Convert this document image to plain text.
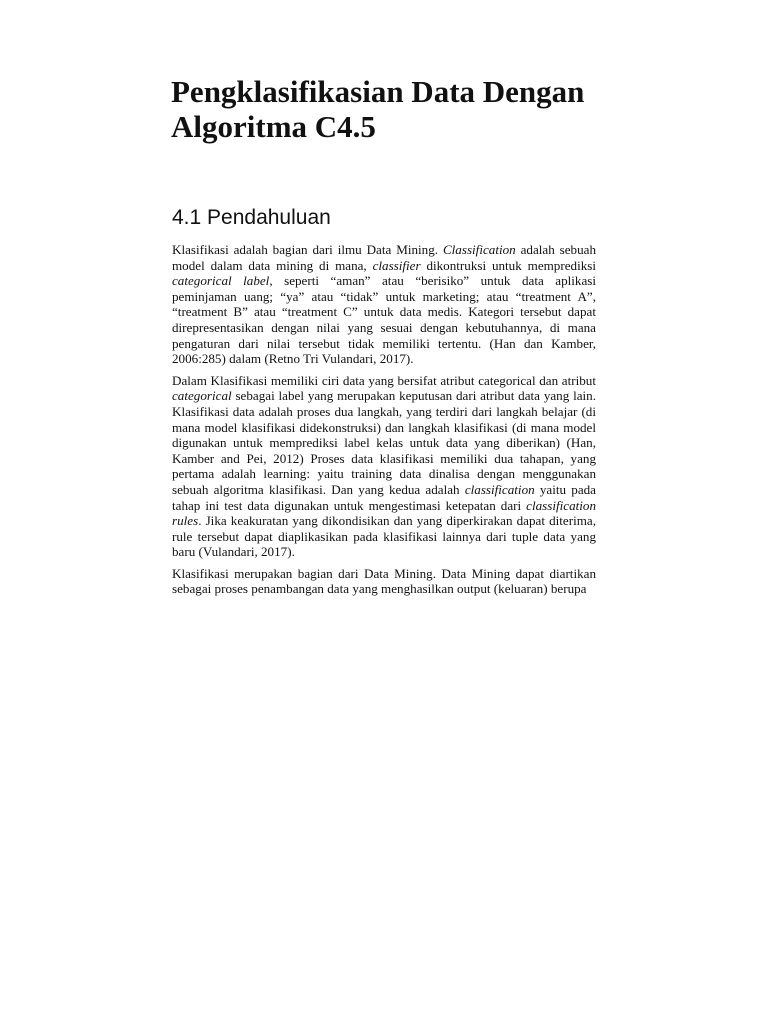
Pengklasifikasian Data Dengan
Algoritma C4.5
4.1 Pendahuluan

Klasifikasi adalah bagian dari ilmu Data Mining. Classification adalah sebuah model dalam data mining di mana, classifier dikontruksi untuk memprediksi categorical label, seperti “aman” atau “berisiko” untuk data aplikasi peminjaman uang; “ya” atau “tidak” untuk marketing; atau “treatment A”, “treatment B” atau “treatment C” untuk data medis. Kategori tersebut dapat direpresentasikan dengan nilai yang sesuai dengan kebutuhannya, di mana pengaturan dari nilai tersebut tidak memiliki tertentu. (Han dan Kamber, 2006:285) dalam (Retno Tri Vulandari, 2017).

Dalam Klasifikasi memiliki ciri data yang bersifat atribut categorical dan atribut categorical sebagai label yang merupakan keputusan dari atribut data yang lain. Klasifikasi data adalah proses dua langkah, yang terdiri dari langkah belajar (di mana model klasifikasi didekonstruksi) dan langkah klasifikasi (di mana model digunakan untuk memprediksi label kelas untuk data yang diberikan) (Han, Kamber and Pei, 2012) Proses data klasifikasi memiliki dua tahapan, yang pertama adalah learning: yaitu training data dinalisa dengan menggunakan sebuah algoritma klasifikasi. Dan yang kedua adalah classification yaitu pada tahap ini test data digunakan untuk mengestimasi ketepatan dari classification rules. Jika keakuratan yang dikondisikan dan yang diperkirakan dapat diterima, rule tersebut dapat diaplikasikan pada klasifikasi lainnya dari tuple data yang baru (Vulandari, 2017).

Klasifikasi merupakan bagian dari Data Mining. Data Mining dapat diartikan sebagai proses penambangan data yang menghasilkan output (keluaran) berupa
